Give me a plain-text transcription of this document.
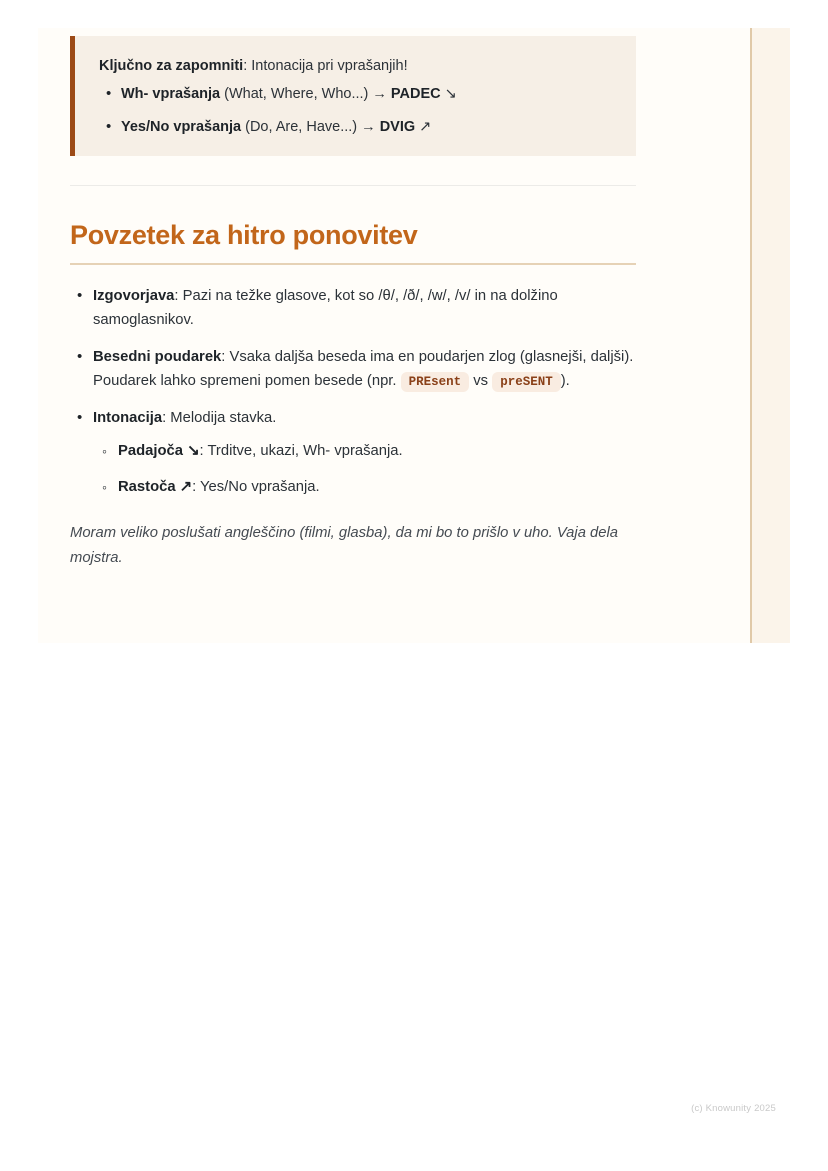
Ključno za zapomniti: Intonacija pri vprašanjih!

• Wh- vprašanja (What, Where, Who...) → PADEC ↘
• Yes/No vprašanja (Do, Are, Have...) → DVIG ↗
Povzetek za hitro ponovitev
• Izgovorjava: Pazi na težke glasove, kot so /θ/, /ð/, /w/, /v/ in na dolžino samoglasnikov.
• Besedni poudarek: Vsaka daljša beseda ima en poudarjen zlog (glasnejši, daljši). Poudarek lahko spremeni pomen besede (npr. PREsent vs preSENT ).
• Intonacija: Melodija stavka.
◦ Padajoča ↘: Trditve, ukazi, Wh- vprašanja.
◦ Rastoča ↗: Yes/No vprašanja.

Moram veliko poslušati angleščino (filmi, glasba), da mi bo to prišlo v uho. Vaja dela mojstra.

(c) Knowunity 2025
